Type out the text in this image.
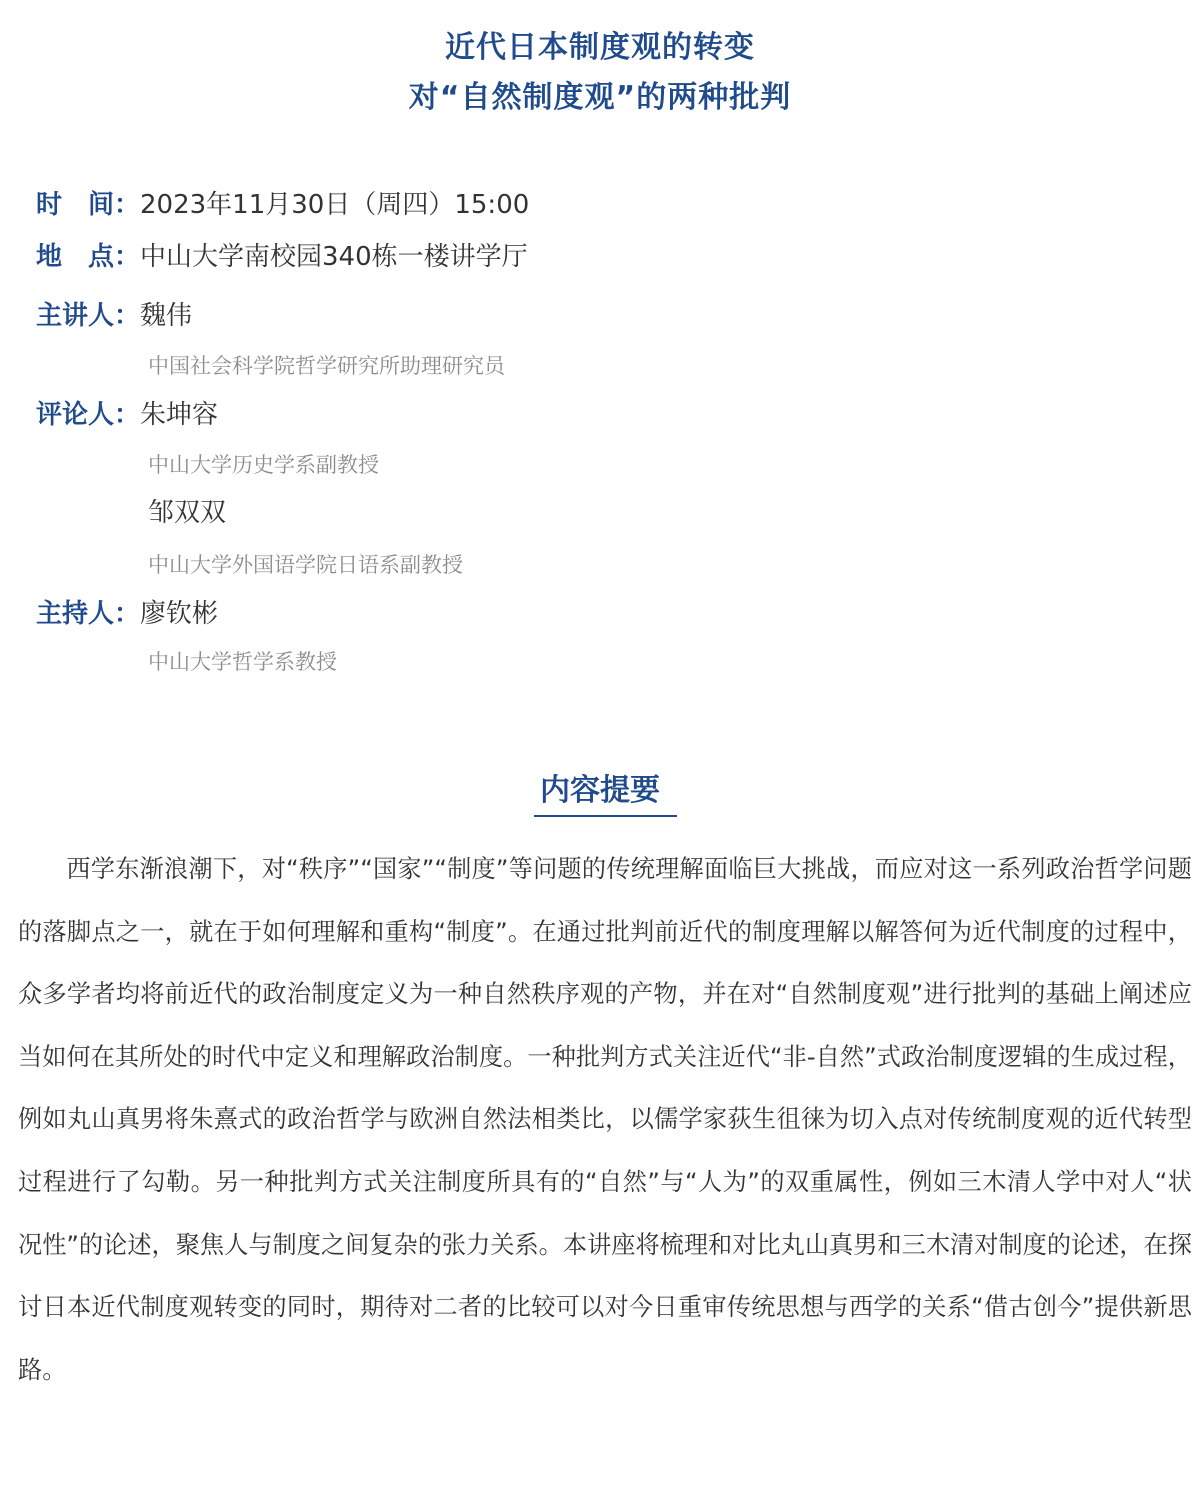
近代日本制度观的转变
对“自然制度观”的两种批判
时　间： 2023年11月30日（周四）15:00
地　点： 中山大学南校园340栋一楼讲学厅
主讲人： 魏伟
中国社会科学院哲学研究所助理研究员
评论人： 朱坤容
中山大学历史学系副教授
邹双双
中山大学外国语学院日语系副教授
主持人： 廖钦彬
中山大学哲学系教授
内容提要

西学东渐浪潮下，对“秩序”“国家”“制度”等问题的传统理解面临巨大挑战，而应对这一系列政治哲学问题的落脚点之一，就在于如何理解和重构“制度”。在通过批判前近代的制度理解以解答何为近代制度的过程中，众多学者均将前近代的政治制度定义为一种自然秩序观的产物，并在对“自然制度观”进行批判的基础上阐述应当如何在其所处的时代中定义和理解政治制度。一种批判方式关注近代“非-自然”式政治制度逻辑的生成过程，例如丸山真男将朱熹式的政治哲学与欧洲自然法相类比，以儒学家荻生徂徕为切入点对传统制度观的近代转型过程进行了勾勒。另一种批判方式关注制度所具有的“自然”与“人为”的双重属性，例如三木清人学中对人“状况性”的论述，聚焦人与制度之间复杂的张力关系。本讲座将梳理和对比丸山真男和三木清对制度的论述，在探讨日本近代制度观转变的同时，期待对二者的比较可以对今日重审传统思想与西学的关系“借古创今”提供新思路。
